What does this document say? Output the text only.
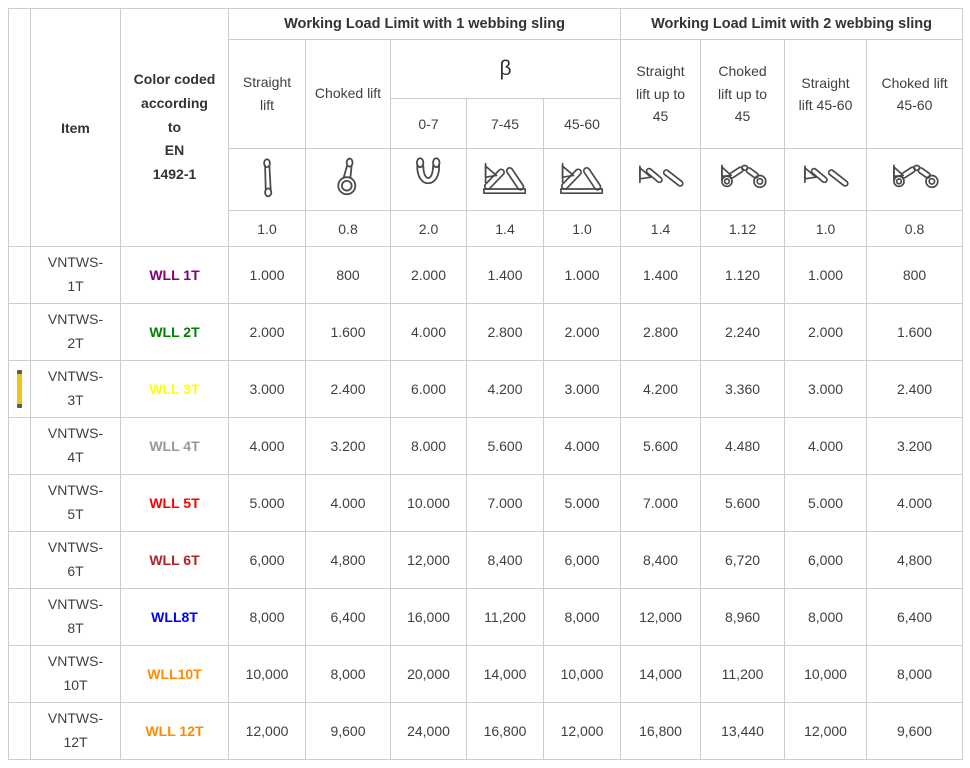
	Item	Color coded
according
to
EN
1492-1	Working Load Limit with 1 webbing sling					Working Load Limit with 2 webbing sling			
			Straight lift	Choked lift	β			Straight lift up to 45	Choked lift up to 45	Straight lift 45-60	Choked lift 45-60
					0-7	7-45	45-60				

			1.0	0.8	2.0	1.4	1.0	1.4	1.12	1.0	0.8

	VNTWS-
1T	WLL 1T	1.000	800	2.000	1.400	1.000	1.400	1.120	1.000	800

	VNTWS-
2T	WLL 2T	2.000	1.600	4.000	2.800	2.000	2.800	2.240	2.000	1.600

	VNTWS-
3T	WLL 3T	3.000	2.400	6.000	4.200	3.000	4.200	3.360	3.000	2.400

	VNTWS-
4T	WLL 4T	4.000	3.200	8.000	5.600	4.000	5.600	4.480	4.000	3.200

	VNTWS-
5T	WLL 5T	5.000	4.000	10.000	7.000	5.000	7.000	5.600	5.000	4.000

	VNTWS-
6T	WLL 6T	6,000	4,800	12,000	8,400	6,000	8,400	6,720	6,000	4,800

	VNTWS-
8T	WLL8T	8,000	6,400	16,000	11,200	8,000	12,000	8,960	8,000	6,400

	VNTWS-
10T	WLL10T	10,000	8,000	20,000	14,000	10,000	14,000	11,200	10,000	8,000

	VNTWS-
12T	WLL 12T	12,000	9,600	24,000	16,800	12,000	16,800	13,440	12,000	9,600
